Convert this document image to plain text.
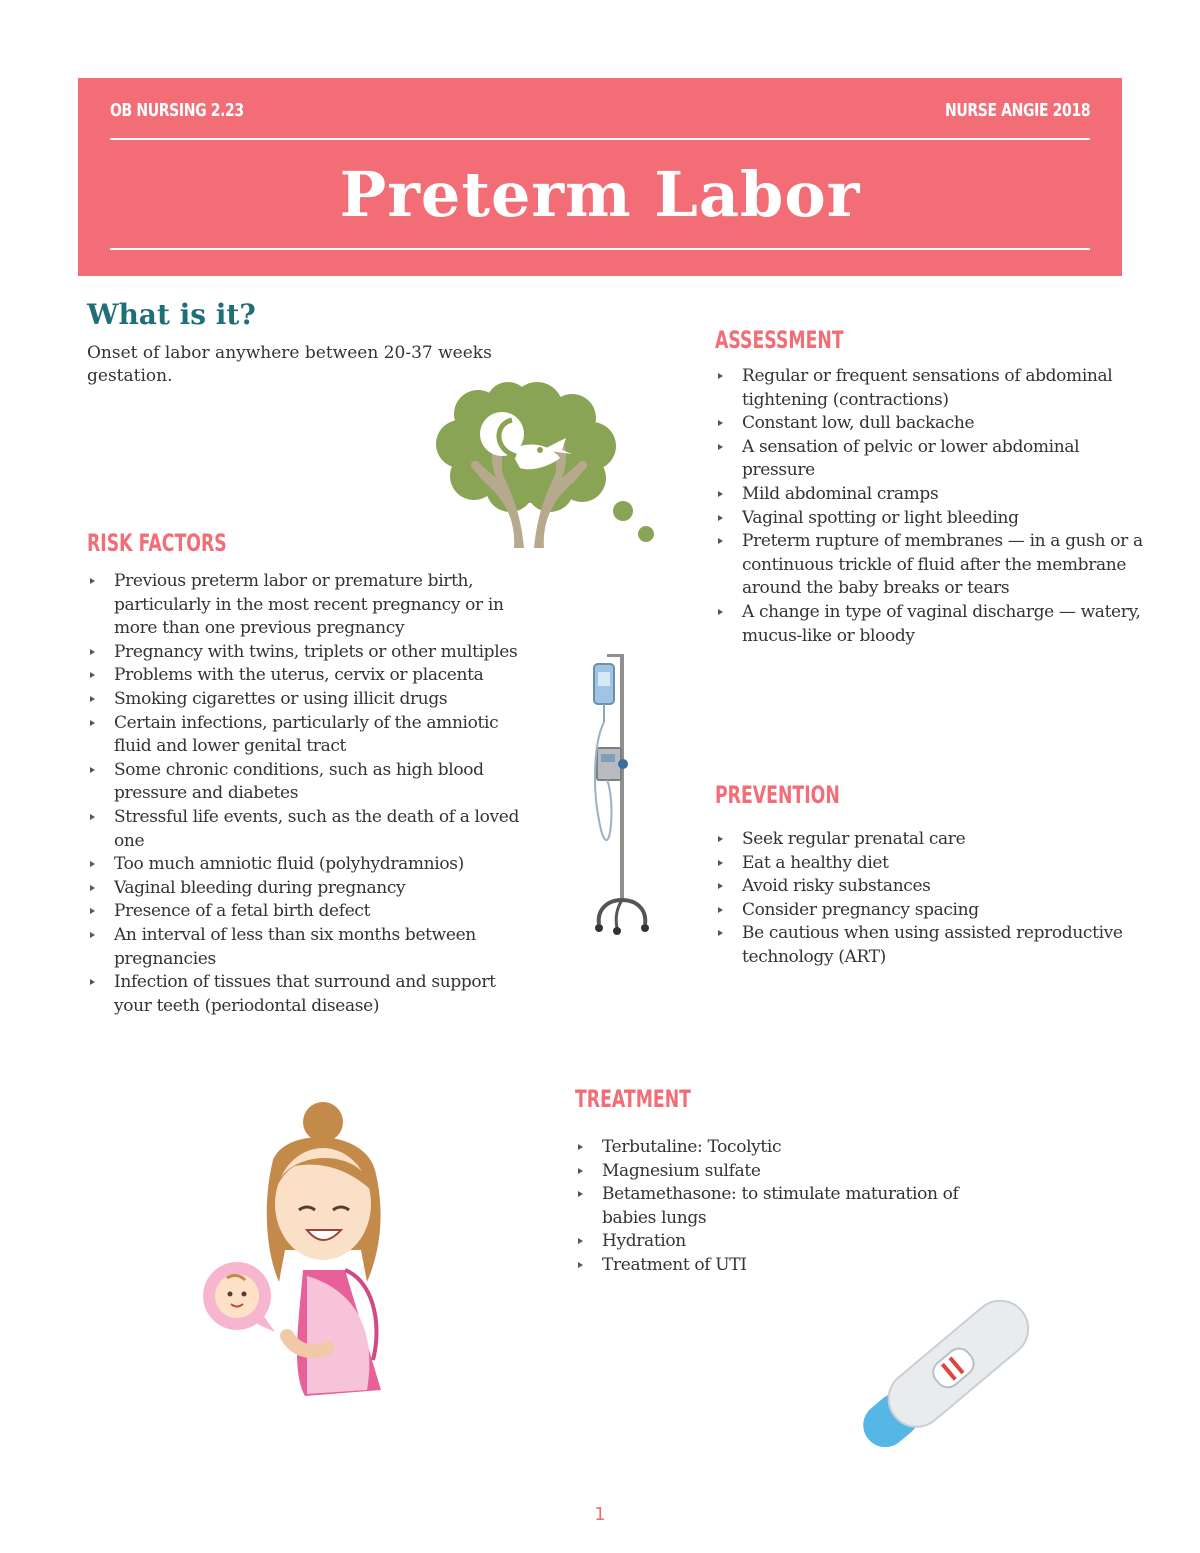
OB NURSING 2.23	NURSE ANGIE 2018
Preterm Labor
What is it?

Onset of labor anywhere between 20-37 weeks gestation.

RISK FACTORS
Previous preterm labor or premature birth, particularly in the most recent pregnancy or in more than one previous pregnancy
Pregnancy with twins, triplets or other multiples
Problems with the uterus, cervix or placenta
Smoking cigarettes or using illicit drugs
Certain infections, particularly of the amniotic fluid and lower genital tract
Some chronic conditions, such as high blood pressure and diabetes
Stressful life events, such as the death of a loved one
Too much amniotic fluid (polyhydramnios)
Vaginal bleeding during pregnancy
Presence of a fetal birth defect
An interval of less than six months between pregnancies
Infection of tissues that surround and support your teeth (periodontal disease)
ASSESSMENT
Regular or frequent sensations of abdominal tightening (contractions)
Constant low, dull backache
A sensation of pelvic or lower abdominal pressure
Mild abdominal cramps
Vaginal spotting or light bleeding
Preterm rupture of membranes — in a gush or a continuous trickle of fluid after the membrane around the baby breaks or tears
A change in type of vaginal discharge — watery, mucus-like or bloody
PREVENTION
Seek regular prenatal care
Eat a healthy diet
Avoid risky substances
Consider pregnancy spacing
Be cautious when using assisted reproductive technology (ART)
TREATMENT
Terbutaline: Tocolytic
Magnesium sulfate
Betamethasone: to stimulate maturation of babies lungs
Hydration
Treatment of UTI
1
